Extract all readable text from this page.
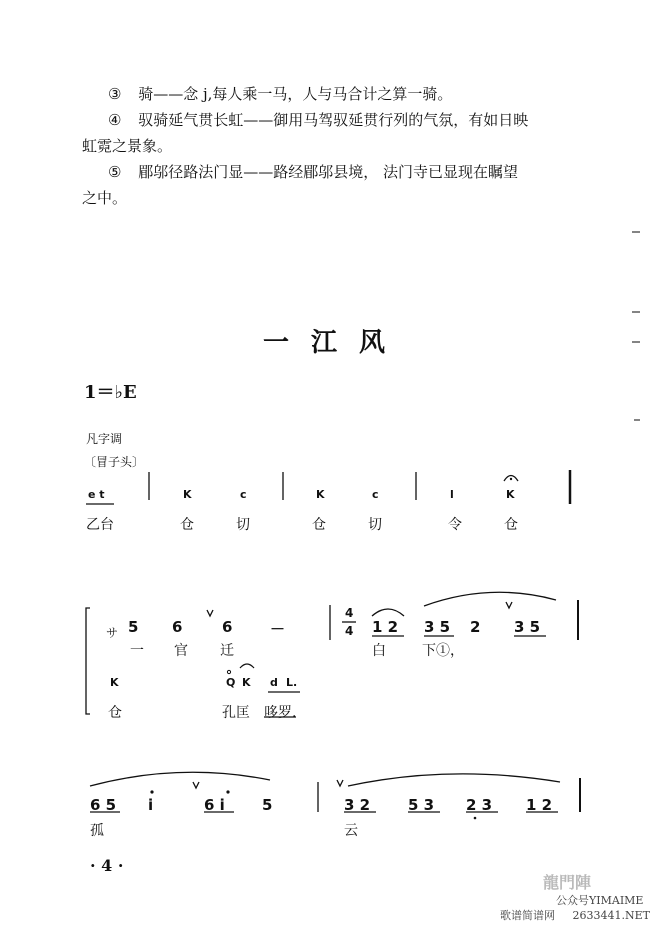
③ 骑——念 j,每人乘一马，人与马合计之算一骑。
④ 驭骑延气贯长虹——御用马驾驭延贯行列的气氛，有如日映
虹霓之景象。
⑤ 郿邬径路法门显——路经郿邬县境， 法门寺已显现在瞩望
之中。
一江风
1＝♭E
凡字调
〔冒子头〕
e t	K	c	K	c	l	K
乙台	仓	切	仓	切	令	仓
サ 5 6	6	－
4
4 1 2 3 5 2 3 5
一 官 迁	白	下①，
K	Q K d L.
仓	孔匡 哆罗.
6 5 i	6 i 5	3 2	5 3 2 3 1 2
孤	云
· 4 ·
龍門陣
公众号YIMAIME
歌谱简谱网 2633441.NET
